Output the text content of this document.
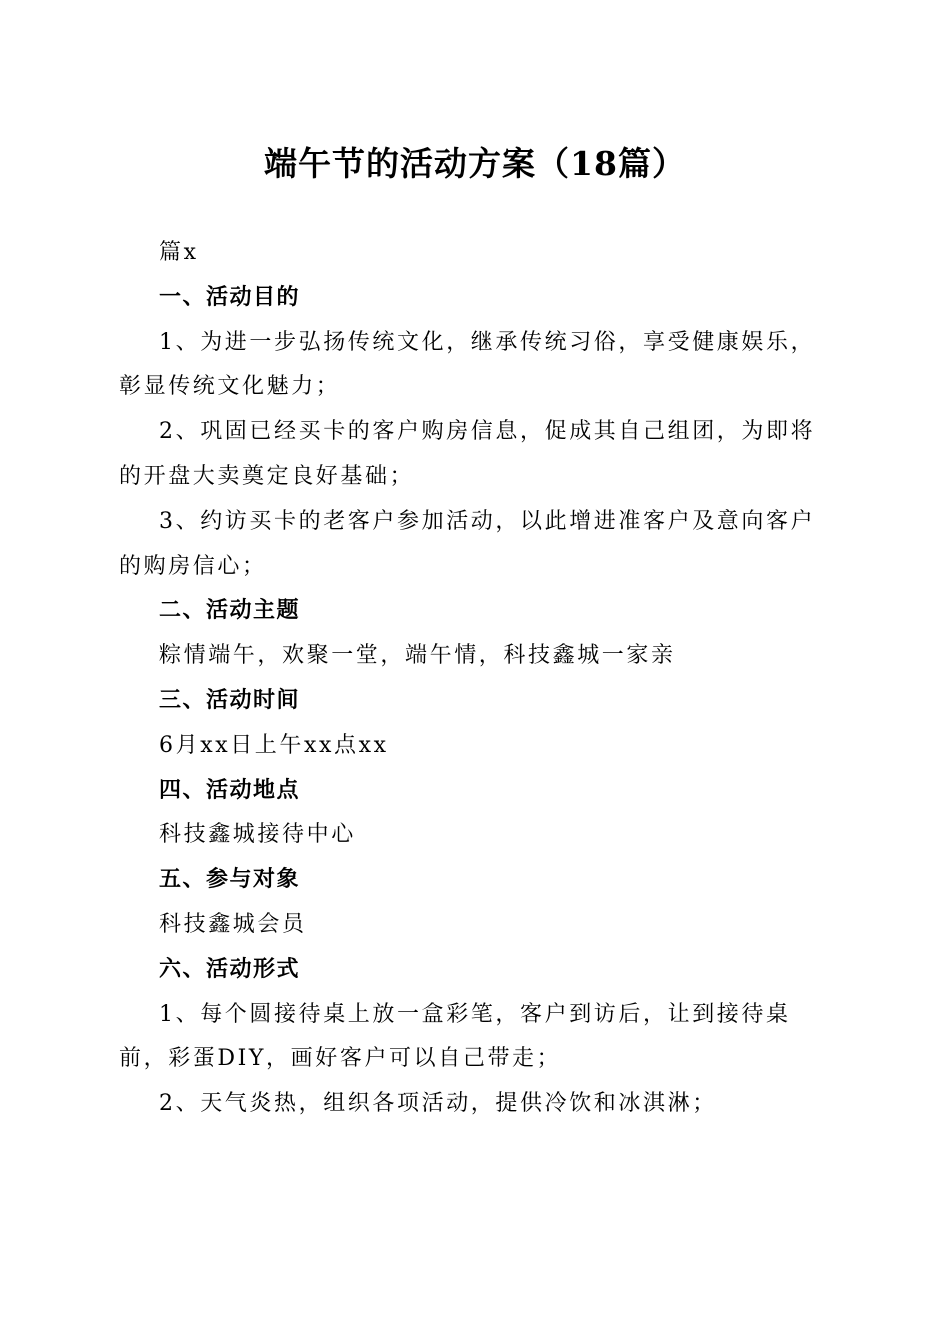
端午节的活动方案（18篇）

篇x

一、活动目的

1、为进一步弘扬传统文化，继承传统习俗，享受健康娱乐，彰显传统文化魅力；

2、巩固已经买卡的客户购房信息，促成其自己组团，为即将的开盘大卖奠定良好基础；

3、约访买卡的老客户参加活动，以此增进准客户及意向客户的购房信心；

二、活动主题

粽情端午，欢聚一堂，端午情，科技鑫城一家亲

三、活动时间

6月xx日上午xx点xx

四、活动地点

科技鑫城接待中心

五、参与对象

科技鑫城会员

六、活动形式

1、每个圆接待桌上放一盒彩笔，客户到访后，让到接待桌前，彩蛋DIY，画好客户可以自己带走；

2、天气炎热，组织各项活动，提供冷饮和冰淇淋；
